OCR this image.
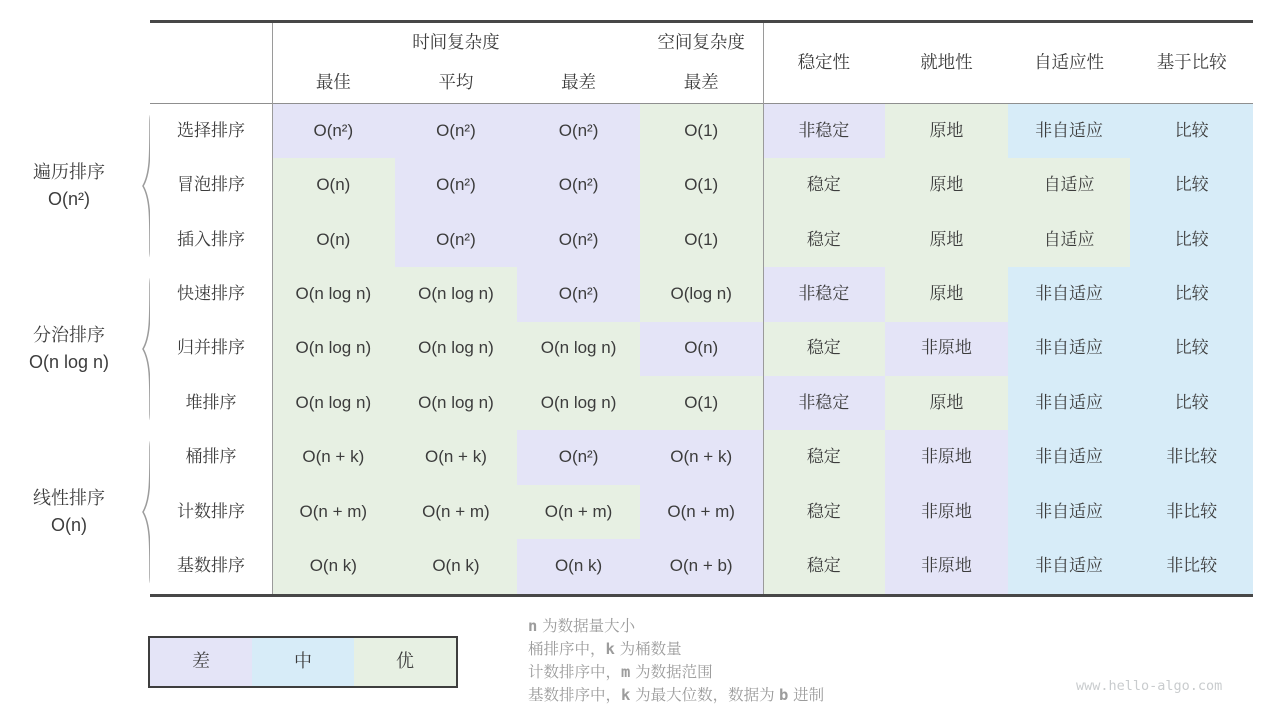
遍历排序
O(n²)
分治排序
O(n log n)
线性排序
O(n)
时间复杂度	空间复杂度
最佳	平均	最差	最差
稳定性	就地性	自适应性	基于比较
选择排序	O(n²)	O(n²)	O(n²)	O(1)	非稳定	原地	非自适应	比较
冒泡排序	O(n)	O(n²)	O(n²)	O(1)	稳定	原地	自适应	比较
插入排序	O(n)	O(n²)	O(n²)	O(1)	稳定	原地	自适应	比较
快速排序	O(n log n)	O(n log n)	O(n²)	O(log n)	非稳定	原地	非自适应	比较
归并排序	O(n log n)	O(n log n)	O(n log n)	O(n)	稳定	非原地	非自适应	比较
堆排序	O(n log n)	O(n log n)	O(n log n)	O(1)	非稳定	原地	非自适应	比较
桶排序	O(n + k)	O(n + k)	O(n²)	O(n + k)	稳定	非原地	非自适应	非比较
计数排序	O(n + m)	O(n + m)	O(n + m)	O(n + m)	稳定	非原地	非自适应	非比较
基数排序	O(n k)	O(n k)	O(n k)	O(n + b)	稳定	非原地	非自适应	非比较
差	中	优
n 为数据量大小
桶排序中，k 为桶数量
计数排序中，m 为数据范围
基数排序中，k 为最大位数，数据为 b 进制
www.hello-algo.com
